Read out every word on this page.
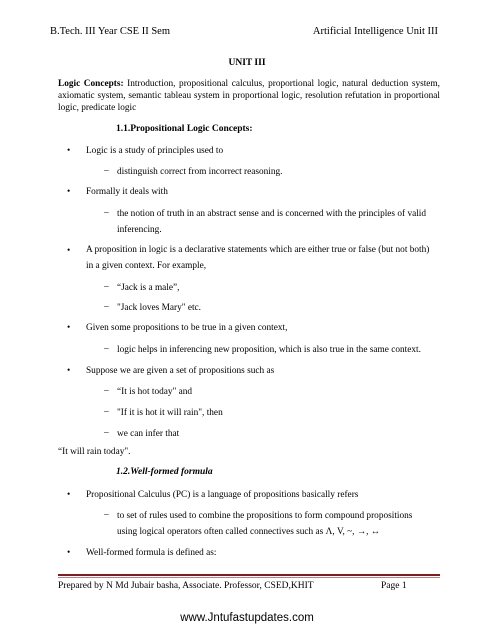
B.Tech. III Year CSE II Sem	Artificial Intelligence Unit III
UNIT III
Logic Concepts: Introduction, propositional calculus, proportional logic, natural deduction system, axiomatic system, semantic tableau system in proportional logic, resolution refutation in proportional logic, predicate logic
1.1.Propositional Logic Concepts:
• Logic is a study of principles used to
– distinguish correct from incorrect reasoning.
• Formally it deals with
– the notion of truth in an abstract sense and is concerned with the principles of valid inferencing.
• A proposition in logic is a declarative statements which are either true or false (but not both) in a given context. For example,
– “Jack is a male”,
– "Jack loves Mary" etc.
• Given some propositions to be true in a given context,
– logic helps in inferencing new proposition, which is also true in the same context.
• Suppose we are given a set of propositions such as
– “It is hot today" and
– "If it is hot it will rain", then
– we can infer that
“It will rain today".
1.2.Well-formed formula
• Propositional Calculus (PC) is a language of propositions basically refers
– to set of rules used to combine the propositions to form compound propositions using logical operators often called connectives such as Λ, V, ~, →, ↔
• Well-formed formula is defined as:
Prepared by N Md Jubair basha, Associate. Professor, CSED,KHIT	Page 1
www.Jntufastupdates.com
